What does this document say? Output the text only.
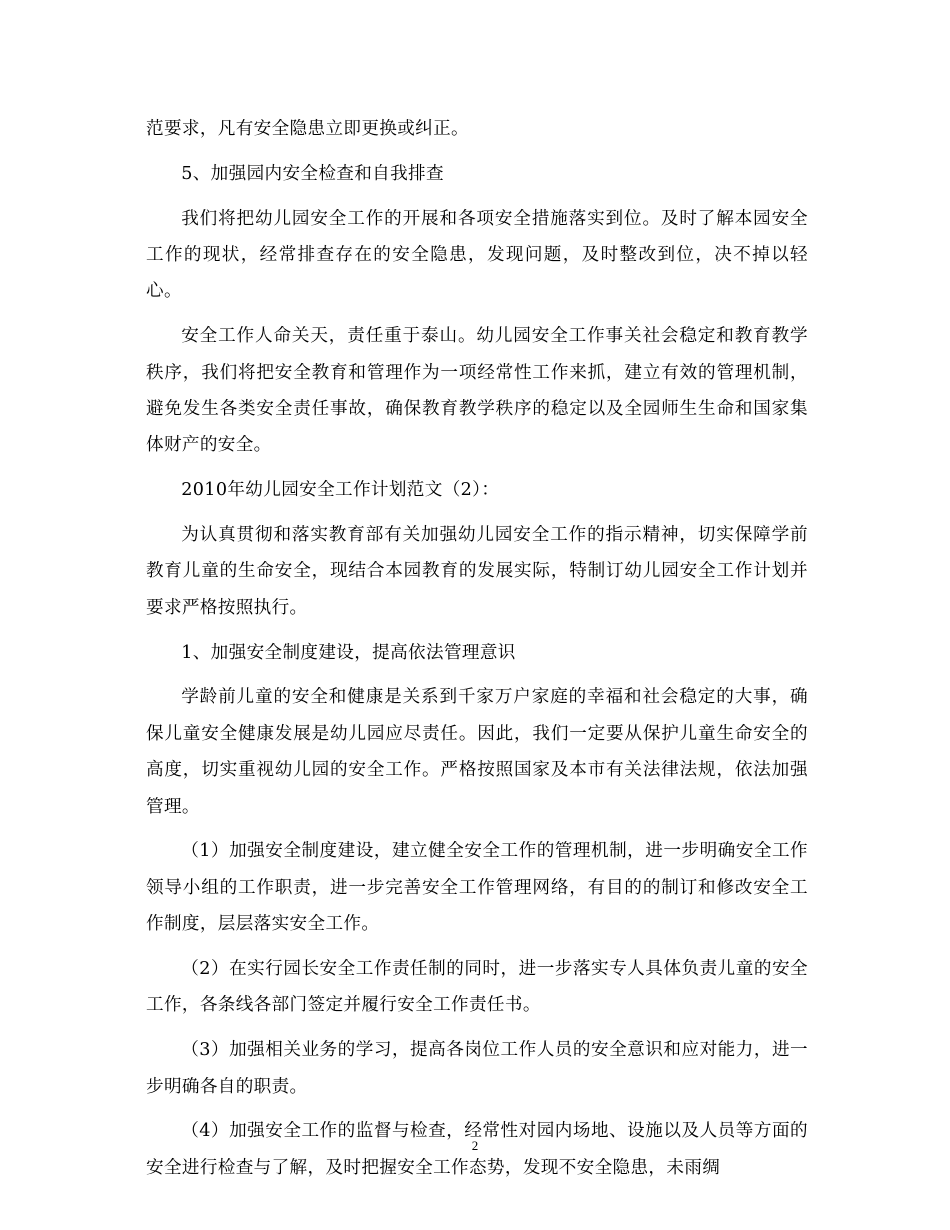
范要求，凡有安全隐患立即更换或纠正。

5、加强园内安全检查和自我排查

我们将把幼儿园安全工作的开展和各项安全措施落实到位。及时了解本园安全工作的现状，经常排查存在的安全隐患，发现问题，及时整改到位，决不掉以轻心。

安全工作人命关天，责任重于泰山。幼儿园安全工作事关社会稳定和教育教学秩序，我们将把安全教育和管理作为一项经常性工作来抓，建立有效的管理机制，避免发生各类安全责任事故，确保教育教学秩序的稳定以及全园师生生命和国家集体财产的安全。

2010年幼儿园安全工作计划范文（2）：

为认真贯彻和落实教育部有关加强幼儿园安全工作的指示精神，切实保障学前教育儿童的生命安全，现结合本园教育的发展实际，特制订幼儿园安全工作计划并要求严格按照执行。

1、加强安全制度建设，提高依法管理意识

学龄前儿童的安全和健康是关系到千家万户家庭的幸福和社会稳定的大事，确保儿童安全健康发展是幼儿园应尽责任。因此，我们一定要从保护儿童生命安全的高度，切实重视幼儿园的安全工作。严格按照国家及本市有关法律法规，依法加强管理。

（1）加强安全制度建设，建立健全安全工作的管理机制，进一步明确安全工作领导小组的工作职责，进一步完善安全工作管理网络，有目的的制订和修改安全工作制度，层层落实安全工作。

（2）在实行园长安全工作责任制的同时，进一步落实专人具体负责儿童的安全工作，各条线各部门签定并履行安全工作责任书。

（3）加强相关业务的学习，提高各岗位工作人员的安全意识和应对能力，进一步明确各自的职责。

（4）加强安全工作的监督与检查，经常性对园内场地、设施以及人员等方面的安全进行检查与了解，及时把握安全工作态势，发现不安全隐患，未雨绸

2
